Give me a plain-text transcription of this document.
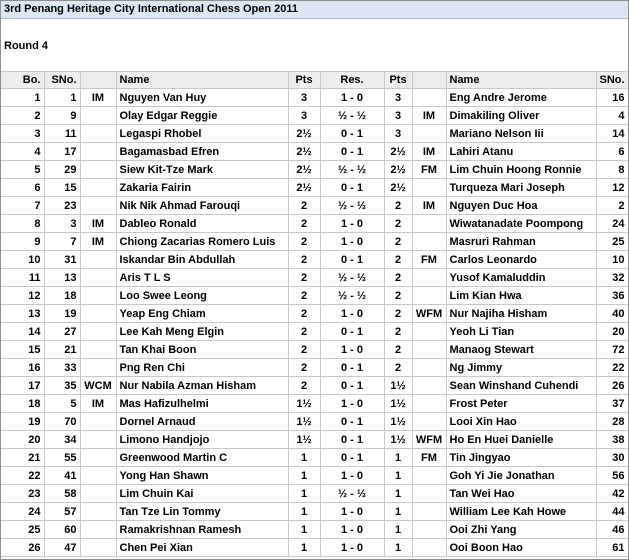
3rd Penang Heritage City International Chess Open 2011
Round 4
Bo.	SNo.		Name	Pts	Res.	Pts		Name	SNo.
1	1	IM	Nguyen Van Huy	3	1 - 0	3		Eng Andre Jerome	16
2	9		Olay Edgar Reggie	3	½ - ½	3	IM	Dimakiling Oliver	4
3	11		Legaspi Rhobel	2½	0 - 1	3		Mariano Nelson Iii	14
4	17		Bagamasbad Efren	2½	0 - 1	2½	IM	Lahiri Atanu	6
5	29		Siew Kit-Tze Mark	2½	½ - ½	2½	FM	Lim Chuin Hoong Ronnie	8
6	15		Zakaria Fairin	2½	0 - 1	2½		Turqueza Mari Joseph	12
7	23		Nik Nik Ahmad Farouqi	2	½ - ½	2	IM	Nguyen Duc Hoa	2
8	3	IM	Dableo Ronald	2	1 - 0	2		Wiwatanadate Poompong	24
9	7	IM	Chiong Zacarias Romero Luis	2	1 - 0	2		Masruri Rahman	25
10	31		Iskandar Bin Abdullah	2	0 - 1	2	FM	Carlos Leonardo	10
11	13		Aris T L S	2	½ - ½	2		Yusof Kamaluddin	32
12	18		Loo Swee Leong	2	½ - ½	2		Lim Kian Hwa	36
13	19		Yeap Eng Chiam	2	1 - 0	2	WFM	Nur Najiha Hisham	40
14	27		Lee Kah Meng Elgin	2	0 - 1	2		Yeoh Li Tian	20
15	21		Tan Khai Boon	2	1 - 0	2		Manaog Stewart	72
16	33		Png Ren Chi	2	0 - 1	2		Ng Jimmy	22
17	35	WCM	Nur Nabila Azman Hisham	2	0 - 1	1½		Sean Winshand Cuhendi	26
18	5	IM	Mas Hafizulhelmi	1½	1 - 0	1½		Frost Peter	37
19	70		Dornel Arnaud	1½	0 - 1	1½		Looi Xin Hao	28
20	34		Limono Handjojo	1½	0 - 1	1½	WFM	Ho En Huei Danielle	38
21	55		Greenwood Martin C	1	0 - 1	1	FM	Tin Jingyao	30
22	41		Yong Han Shawn	1	1 - 0	1		Goh Yi Jie Jonathan	56
23	58		Lim Chuin Kai	1	½ - ½	1		Tan Wei Hao	42
24	57		Tan Tze Lin Tommy	1	1 - 0	1		William Lee Kah Howe	44
25	60		Ramakrishnan Ramesh	1	1 - 0	1		Ooi Zhi Yang	46
26	47		Chen Pei Xian	1	1 - 0	1		Ooi Boon Hao	61
